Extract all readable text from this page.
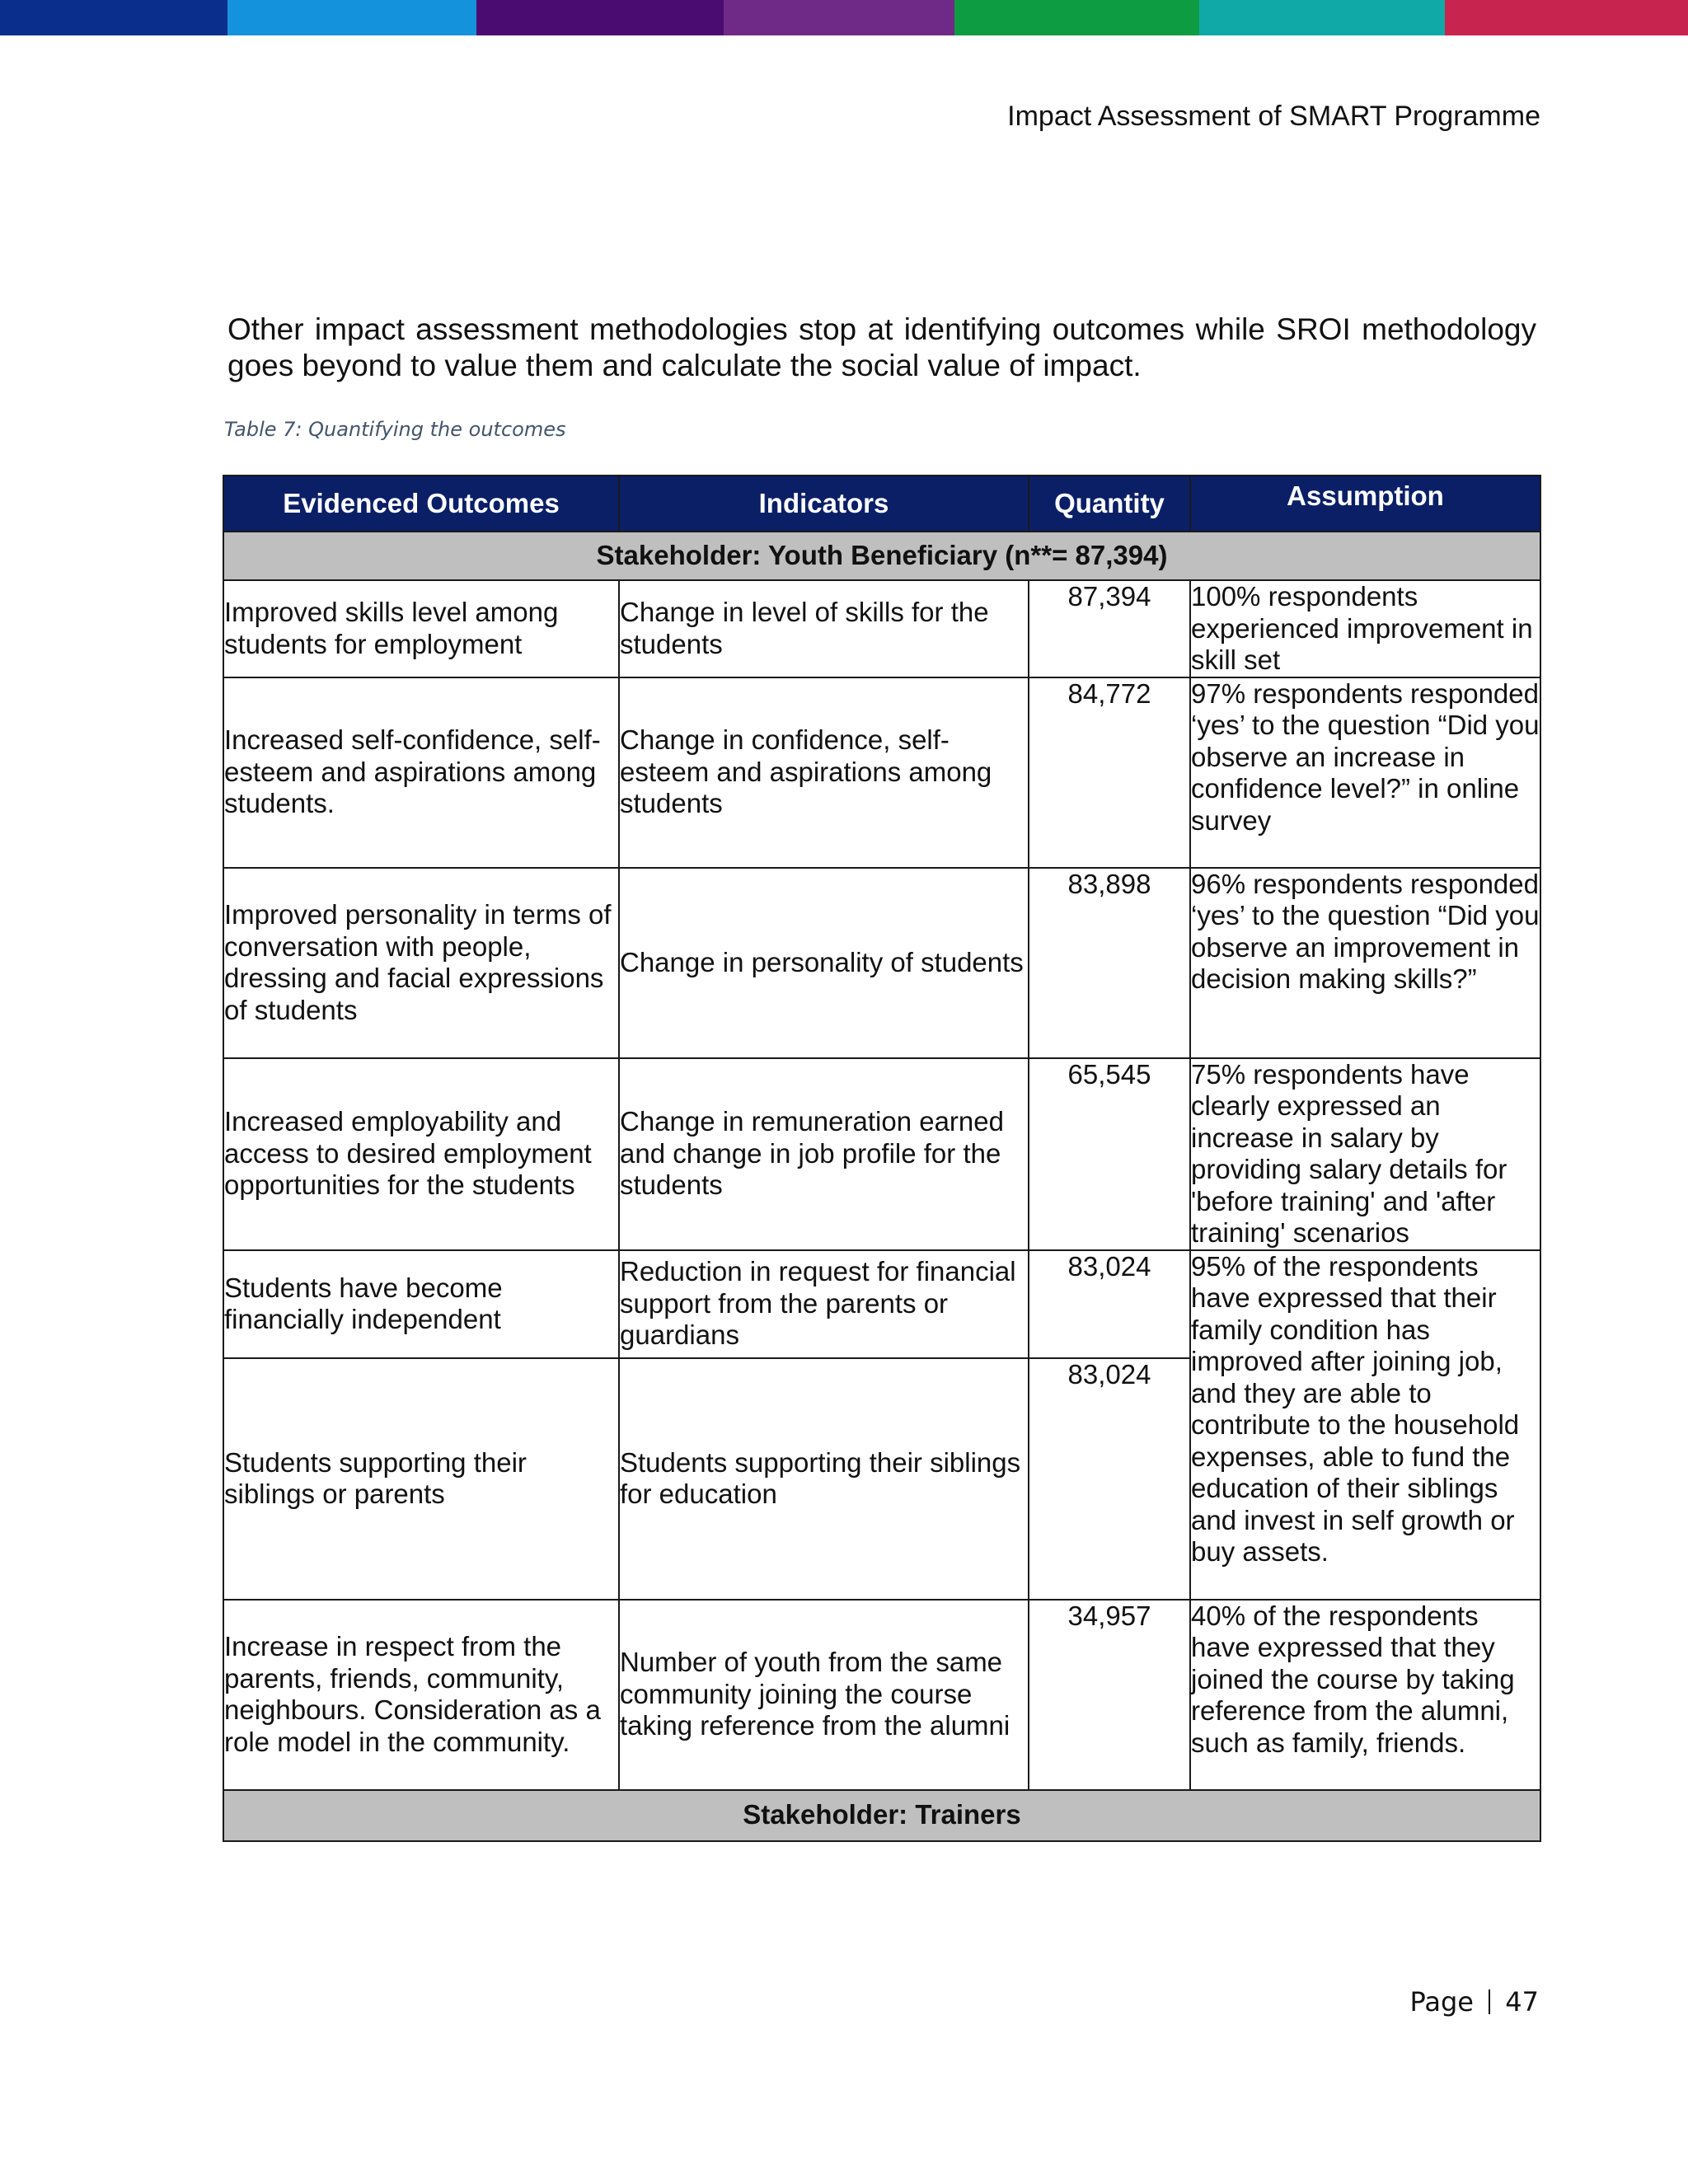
Impact Assessment of SMART Programme

Other impact assessment methodologies stop at identifying outcomes while SROI methodology goes beyond to value them and calculate the social value of impact.

Table 7: Quantifying the outcomes
Evidenced Outcomes	Indicators	Quantity	Assumption
Stakeholder: Youth Beneficiary (n**= 87,394)			
Improved skills level among students for employment	Change in level of skills for the students	87,394	100% respondents experienced improvement in skill set
Increased self-confidence, self-esteem and aspirations among students.	Change in confidence, self-esteem and aspirations among students	84,772	97% respondents responded ‘yes’ to the question “Did you observe an increase in confidence level?” in online survey
Improved personality in terms of conversation with people, dressing and facial expressions of students	Change in personality of students	83,898	96% respondents responded ‘yes’ to the question “Did you observe an improvement in decision making skills?”
Increased employability and access to desired employment opportunities for the students	Change in remuneration earned and change in job profile for the students	65,545	75% respondents have clearly expressed an increase in salary by providing salary details for 'before training' and 'after training' scenarios
Students have become financially independent	Reduction in request for financial support from the parents or guardians	83,024	95% of the respondents have expressed that their family condition has improved after joining job, and they are able to contribute to the household expenses, able to fund the education of their siblings and invest in self growth or buy assets.
Students supporting their siblings or parents	Students supporting their siblings for education	83,024	
Increase in respect from the parents, friends, community, neighbours. Consideration as a role model in the community.	Number of youth from the same community joining the course taking reference from the alumni	34,957	40% of the respondents have expressed that they joined the course by taking reference from the alumni, such as family, friends.
Stakeholder: Trainers			
Page 47
